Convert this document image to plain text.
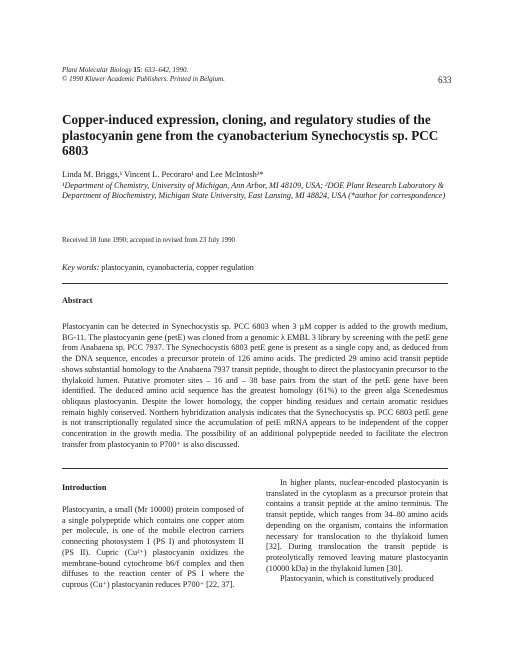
Plant Molecular Biology 15: 633–642, 1990.
© 1990 Kluwer Academic Publishers. Printed in Belgium.	633
Copper-induced expression, cloning, and regulatory studies of the plastocyanin gene from the cyanobacterium Synechocystis sp. PCC 6803
Linda M. Briggs,¹ Vincent L. Pecoraro¹ and Lee McIntosh²*
¹Department of Chemistry, University of Michigan, Ann Arbor, MI 48109, USA; ²DOE Plant Research Laboratory & Department of Biochemistry, Michigan State University, East Lansing, MI 48824, USA (*author for correspondence)
Received 18 June 1990; accepted in revised from 23 July 1990
Key words: plastocyanin, cyanobacteria, copper regulation
Abstract

Plastocyanin can be detected in Synechocystis sp. PCC 6803 when 3 µM copper is added to the growth medium, BG-11. The plastocyanin gene (petE) was cloned from a genomic λ EMBL 3 library by screening with the petE gene from Anabaena sp. PCC 7937. The Synechocystis 6803 petE gene is present as a single copy and, as deduced from the DNA sequence, encodes a precursor protein of 126 amino acids. The predicted 29 amino acid transit peptide shows substantial homology to the Anabaena 7937 transit peptide, thought to direct the plastocyanin precursor to the thylakoid lumen. Putative promoter sites – 16 and – 38 base pairs from the start of the petE gene have been identified. The deduced amino acid sequence has the greatest homology (61%) to the green alga Scenedesmus obliquus plastocyanin. Despite the lower homology, the copper binding residues and certain aromatic residues remain highly conserved. Northern hybridization analysis indicates that the Synechocystis sp. PCC 6803 petE gene is not transcriptionally regulated since the accumulation of petE mRNA appears to be independent of the copper concentration in the growth media. The possibility of an additional polypeptide needed to facilitate the electron transfer from plastocyanin to P700⁺ is also discussed.

Introduction

Plastocyanin, a small (Mr 10000) protein composed of a single polypeptide which contains one copper atom per molecule, is one of the mobile electron carriers connecting photosystem I (PS I) and photosystem II (PS II). Cupric (Cu²⁺) plastocyanin oxidizes the membrane-bound cytochrome b6/f complex and then diffuses to the reaction center of PS I where the cuprous (Cu⁺) plastocyanin reduces P700⁺ [22, 37].

In higher plants, nuclear-encoded plastocyanin is translated in the cytoplasm as a precursor protein that contains a transit peptide at the amino terminus. The transit peptide, which ranges from 34–80 amino acids depending on the organism, contains the information necessary for translocation to the thylakoid lumen [32]. During translocation the transit peptide is proteolytically removed leaving mature plastocyanin (10000 kDa) in the thylakoid lumen [30].

Plastocyanin, which is constitutively produced
